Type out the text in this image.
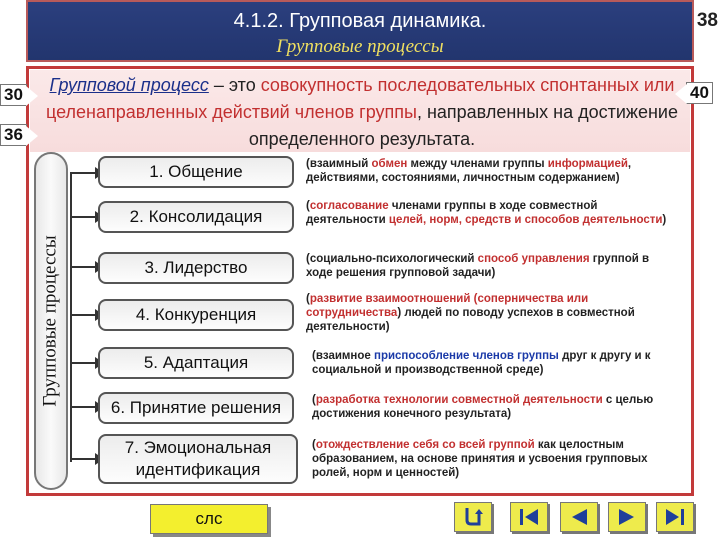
4.1.2. Групповая динамика.
Групповые процессы
38
Групповой процесс – это совокупность последовательных спонтанных или целенаправленных действий членов группы, направленных на достижение определенного результата.
30
36
40
Групповые процессы
1. Общение
2. Консолидация
3. Лидерство
4. Конкуренция
5. Адаптация
6. Принятие решения
7. Эмоциональная идентификация
(взаимный обмен между членами группы информацией, действиями, состояниями, личностным содержанием)
(согласование членами группы в ходе совместной деятельности целей, норм, средств и способов деятельности)
(социально-психологический способ управления группой в ходе решения групповой задачи)
(развитие взаимоотношений (соперничества или сотрудничества) людей по поводу успехов в совместной деятельности)
(взаимное приспособление членов группы друг к другу и к социальной и производственной среде)
(разработка технологии совместной деятельности с целью достижения конечного результата)
(отождествление себя со всей группой как целостным образованием, на основе принятия и усвоения групповых ролей, норм и ценностей)
слс
